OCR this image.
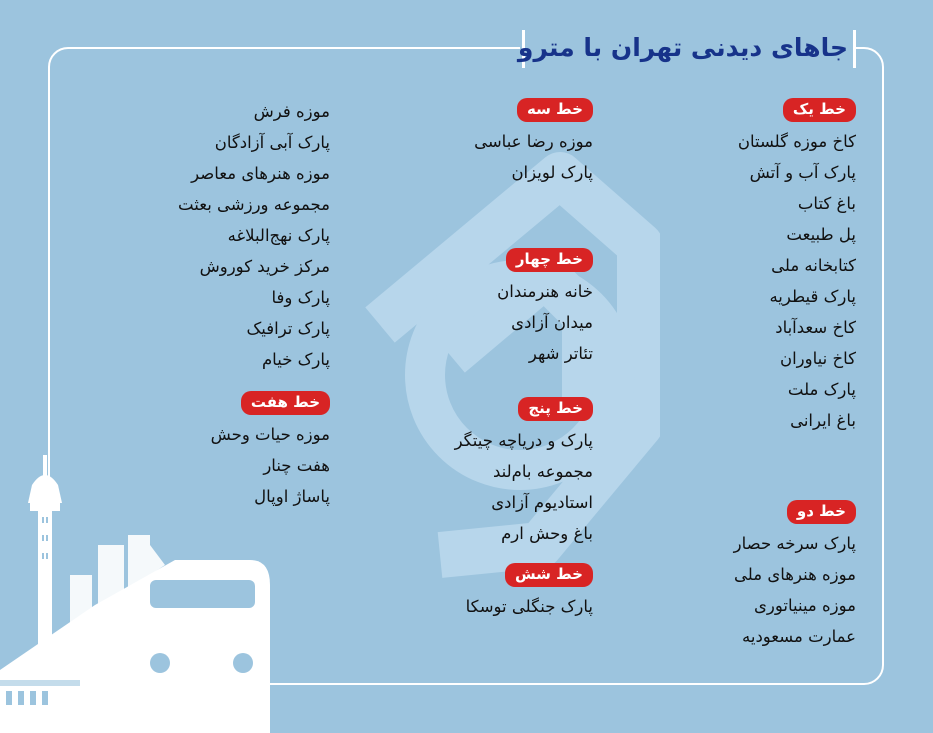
جاهای دیدنی تهران با مترو
خط یک
کاخ موزه گلستان
پارک آب و آتش
باغ کتاب
پل طبیعت
کتابخانه ملی
پارک قیطریه
کاخ سعدآباد
کاخ نیاوران
پارک ملت
باغ ایرانی
خط دو
پارک سرخه حصار
موزه هنرهای ملی
موزه مینیاتوری
عمارت مسعودیه
خط سه
موزه رضا عباسی
پارک لویزان
خط چهار
خانه هنرمندان
میدان آزادی
تئاتر شهر
خط پنج
پارک و دریاچه چیتگر
مجموعه بام‌لند
استادیوم آزادی
باغ وحش ارم
خط شش
پارک جنگلی توسکا
موزه فرش
پارک آبی آزادگان
موزه هنرهای معاصر
مجموعه ورزشی بعثت
پارک نهج‌البلاغه
مرکز خرید کوروش
پارک وفا
پارک ترافیک
پارک خیام
خط هفت
موزه حیات وحش
هفت چنار
پاساژ اوپال
